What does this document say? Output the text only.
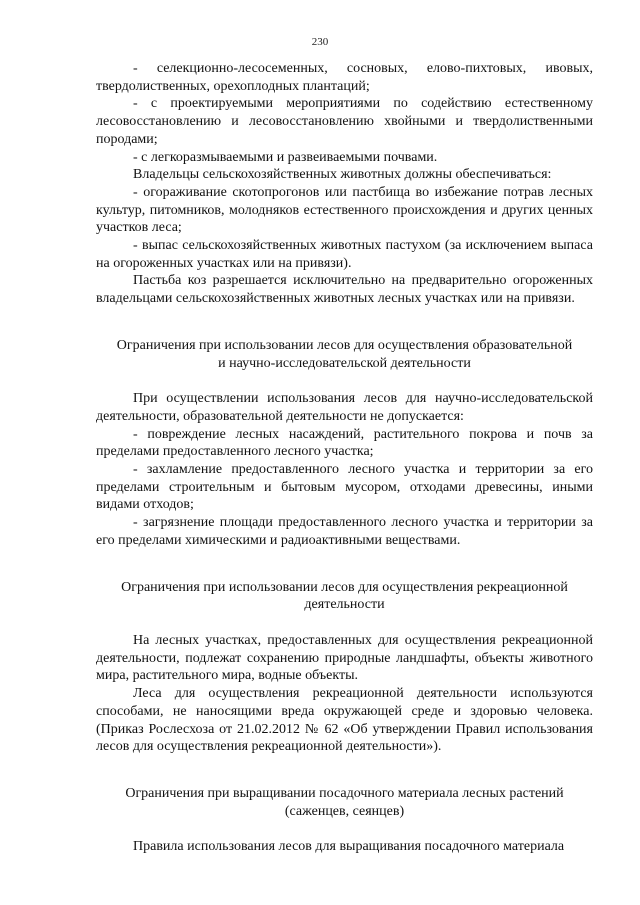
230

- селекционно-лесосеменных, сосновых, елово-пихтовых, ивовых, твердолиственных, орехоплодных плантаций;

- с проектируемыми мероприятиями по содействию естественному лесовосстановлению и лесовосстановлению хвойными и твердолиственными породами;

- с легкоразмываемыми и развеиваемыми почвами.

Владельцы сельскохозяйственных животных должны обеспечиваться:

- огораживание скотопрогонов или пастбища во избежание потрав лесных культур, питомников, молодняков естественного происхождения и других ценных участков леса;

- выпас сельскохозяйственных животных пастухом (за исключением выпаса на огороженных участках или на привязи).

Пастьба коз разрешается исключительно на предварительно огороженных владельцами сельскохозяйственных животных лесных участках или на привязи.

Ограничения при использовании лесов для осуществления образовательной и научно-исследовательской деятельности

При осуществлении использования лесов для научно-исследовательской деятельности, образовательной деятельности не допускается:

- повреждение лесных насаждений, растительного покрова и почв за пределами предоставленного лесного участка;

- захламление предоставленного лесного участка и территории за его пределами строительным и бытовым мусором, отходами древесины, иными видами отходов;

- загрязнение площади предоставленного лесного участка и территории за его пределами химическими и радиоактивными веществами.

Ограничения при использовании лесов для осуществления рекреационной деятельности

На лесных участках, предоставленных для осуществления рекреационной деятельности, подлежат сохранению природные ландшафты, объекты животного мира, растительного мира, водные объекты.

Леса для осуществления рекреационной деятельности используются способами, не наносящими вреда окружающей среде и здоровью человека. (Приказ Рослесхоза от 21.02.2012 № 62 «Об утверждении Правил использования лесов для осуществления рекреационной деятельности»).

Ограничения при выращивании посадочного материала лесных растений (саженцев, сеянцев)

Правила использования лесов для выращивания посадочного материала
